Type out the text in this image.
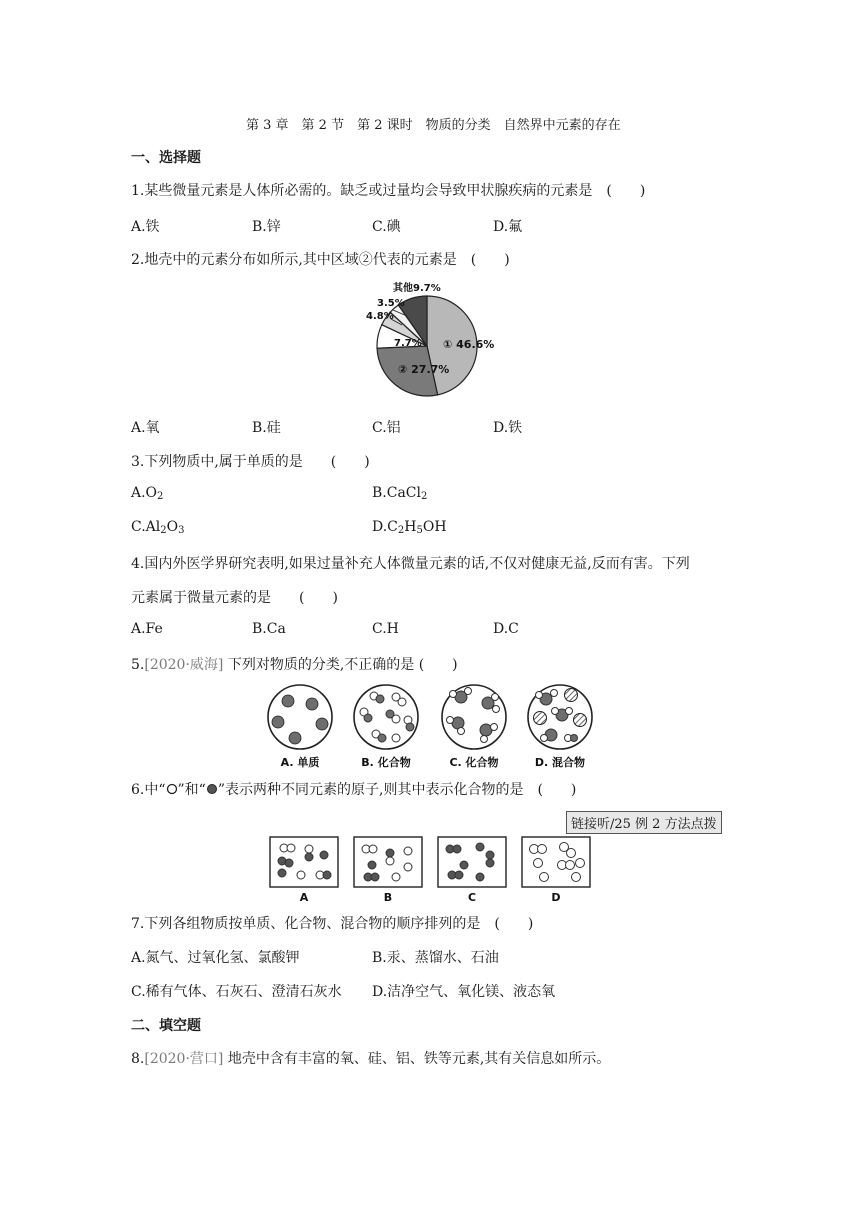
第 3 章　第 2 节　第 2 课时　物质的分类　自然界中元素的存在
一、选择题
1.某些微量元素是人体所必需的。缺乏或过量均会导致甲状腺疾病的元素是　(　　)
A.铁	B.锌	C.碘	D.氟
2.地壳中的元素分布如所示,其中区域②代表的元素是　(　　)
其他9.7%
3.5%
4.8%
7.7% ① 46.6%
② 27.7%
A.氧	B.硅	C.铝	D.铁
3.下列物质中,属于单质的是　　(　　)
$A.O_2$	B.CaCl$_2$
$C.Al_2O_3$	$D.C_2H_5OH$
4.国内外医学界研究表明,如果过量补充人体微量元素的话,不仅对健康无益,反而有害。下列
元素属于微量元素的是　　(　　)
A.Fe	B.Ca	C.H	D.C
5.[2020·威海] 下列对物质的分类,不正确的是 (　　)
A. 单质	B. 化合物	C. 化合物	D. 混合物
6.中“ ”和“ ”表示两种不同元素的原子,则其中表示化合物的是　(　　)
链接听/25 例 2 方法点拨
A	B	C	D
7.下列各组物质按单质、化合物、混合物的顺序排列的是　(　　)
A.氮气、过氧化氢、氯酸钾	B.汞、蒸馏水、石油
C.稀有气体、石灰石、澄清石灰水 D.洁净空气、氧化镁、液态氧
二、填空题
8.[2020·营口] 地壳中含有丰富的氧、硅、铝、铁等元素,其有关信息如所示。
